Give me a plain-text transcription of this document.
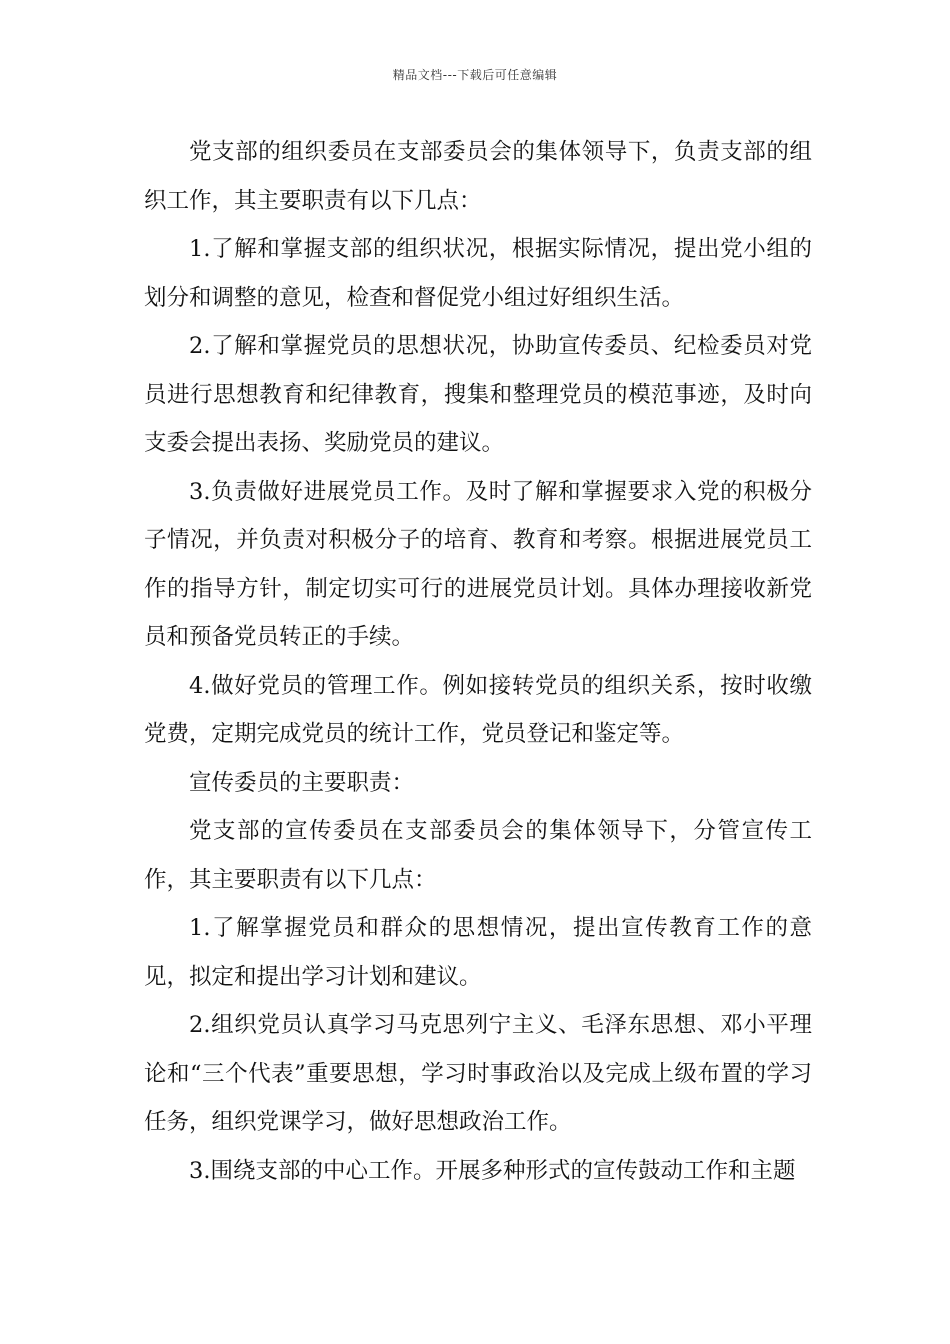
精品文档---下载后可任意编辑

党支部的组织委员在支部委员会的集体领导下，负责支部的组织工作，其主要职责有以下几点：

1.了解和掌握支部的组织状况，根据实际情况，提出党小组的划分和调整的意见，检查和督促党小组过好组织生活。

2.了解和掌握党员的思想状况，协助宣传委员、纪检委员对党员进行思想教育和纪律教育，搜集和整理党员的模范事迹，及时向支委会提出表扬、奖励党员的建议。

3.负责做好进展党员工作。及时了解和掌握要求入党的积极分子情况，并负责对积极分子的培育、教育和考察。根据进展党员工作的指导方针，制定切实可行的进展党员计划。具体办理接收新党员和预备党员转正的手续。

4.做好党员的管理工作。例如接转党员的组织关系，按时收缴党费，定期完成党员的统计工作，党员登记和鉴定等。

宣传委员的主要职责：

党支部的宣传委员在支部委员会的集体领导下，分管宣传工作，其主要职责有以下几点：

1.了解掌握党员和群众的思想情况，提出宣传教育工作的意见，拟定和提出学习计划和建议。

2.组织党员认真学习马克思列宁主义、毛泽东思想、邓小平理论和“三个代表”重要思想，学习时事政治以及完成上级布置的学习任务，组织党课学习，做好思想政治工作。

3.围绕支部的中心工作。开展多种形式的宣传鼓动工作和主题
